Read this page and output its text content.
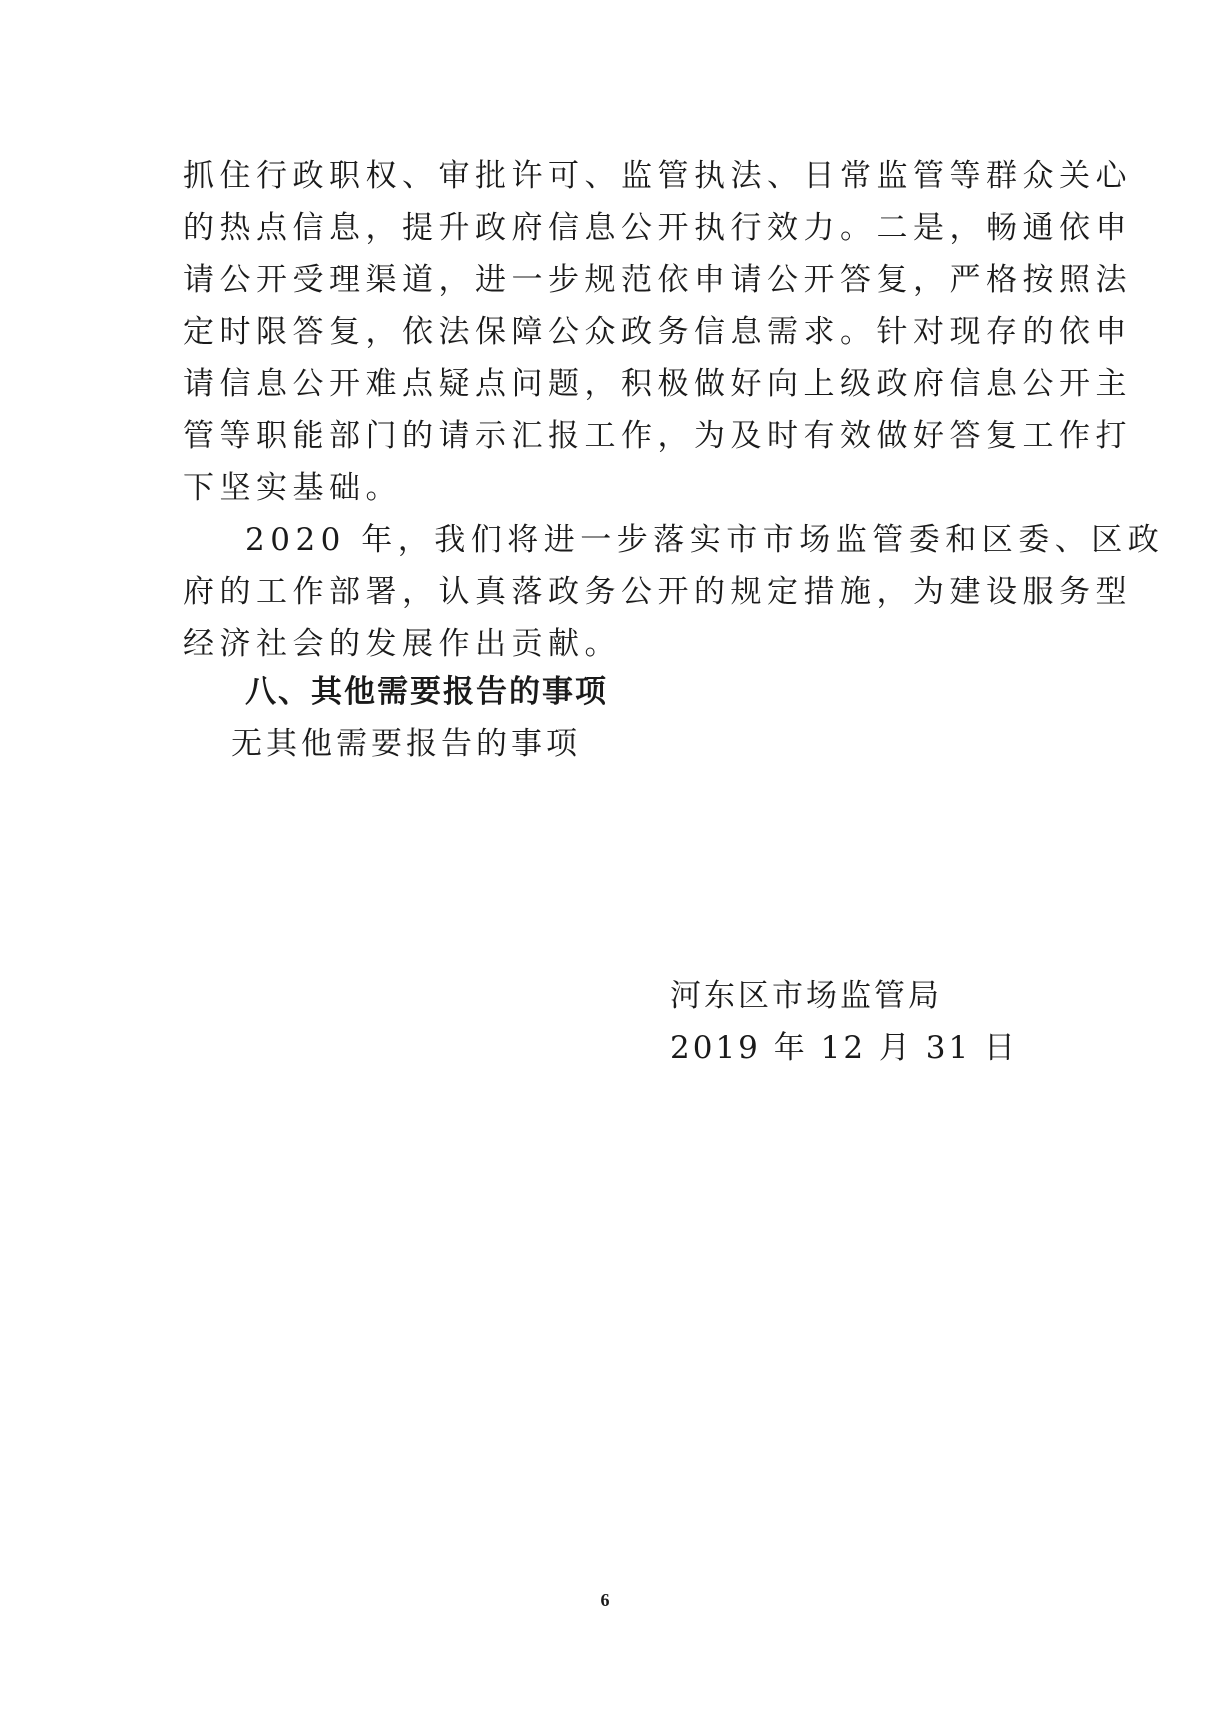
抓住行政职权、审批许可、监管执法、日常监管等群众关心
的热点信息，提升政府信息公开执行效力。二是，畅通依申
请公开受理渠道，进一步规范依申请公开答复，严格按照法
定时限答复，依法保障公众政务信息需求。针对现存的依申
请信息公开难点疑点问题，积极做好向上级政府信息公开主
管等职能部门的请示汇报工作，为及时有效做好答复工作打
下坚实基础。
2020 年，我们将进一步落实市市场监管委和区委、区政
府的工作部署，认真落政务公开的规定措施，为建设服务型
经济社会的发展作出贡献。
八、其他需要报告的事项
无其他需要报告的事项
河东区市场监管局
2019 年 12 月 31 日
6
